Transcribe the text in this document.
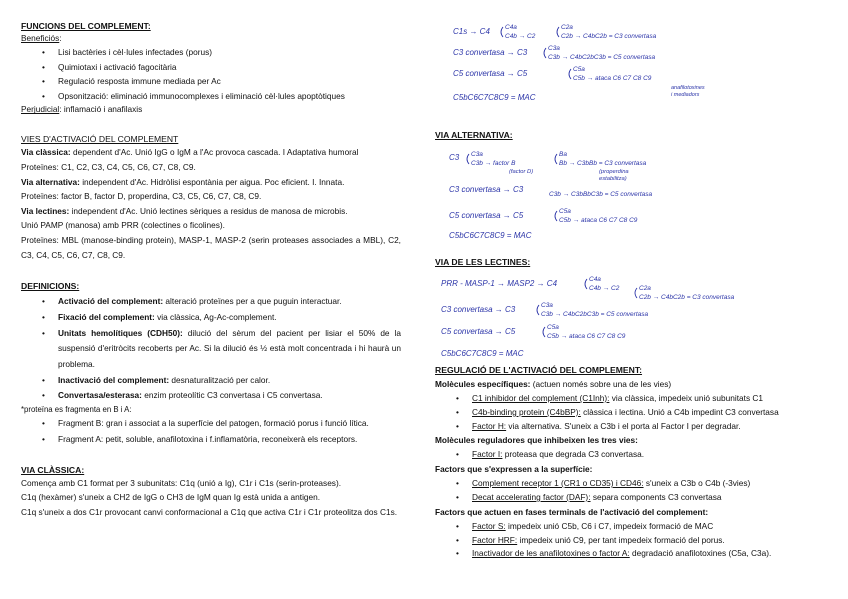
FUNCIONS DEL COMPLEMENT:

Beneficiós:

• Lisi bactèries i cèl·lules infectades (porus)
• Quimiotaxi i activació fagocitària
• Regulació resposta immune mediada per Ac
• Opsonització: eliminació immunocomplexes i eliminació cèl·lules apoptòtiques

Perjudicial: inflamació i anafilaxis

VIES D'ACTIVACIÓ DEL COMPLEMENT

Via clàssica: dependent d'Ac. Unió IgG o IgM a l'Ac provoca cascada. I Adaptativa humoral
Proteïnes: C1, C2, C3, C4, C5, C6, C7, C8, C9.
Via alternativa: independent d'Ac. Hidròlisi espontània per aigua. Poc eficient. I. Innata.
Proteïnes: factor B, factor D, properdina, C3, C5, C6, C7, C8, C9.
Via lectines: independent d'Ac. Unió lectines sèriques a residus de manosa de microbis.
Unió PAMP (manosa) amb PRR (colectines o ficolines).
Proteïnes: MBL (manose-binding protein), MASP-1, MASP-2 (serin proteases associades a MBL), C2, C3, C4, C5, C6, C7, C8, C9.

DEFINICIONS:

• Activació del complement: alteració proteïnes per a que puguin interactuar.
• Fixació del complement: via clàssica, Ag-Ac-complement.
• Unitats hemolítiques (CDH50): dilució del sèrum del pacient per lisiar el 50% de la suspensió d'eritròcits recoberts per Ac. Si la dilució és ½ està molt concentrada i hi haurà un problema.
• Inactivació del complement: desnaturalització per calor.
• Convertasa/esterasa: enzim proteolític C3 convertasa i C5 convertasa.

*proteïna es fragmenta en B i A:

• Fragment B: gran i associat a la superfície del patogen, formació porus i funció lítica.
• Fragment A: petit, soluble, anafilotoxina i f.inflamatòria, reconeixerà els receptors.

VIA CLÀSSICA:

Comença amb C1 format per 3 subunitats: C1q (unió a Ig), C1r i C1s (serin-proteases).
C1q (hexàmer) s'uneix a CH2 de IgG o CH3 de IgM quan Ig està unida a antigen.
C1q s'uneix a dos C1r provocant canvi conformacional a C1q que activa C1r i C1r proteolitza dos C1s.
C1s → C4 C4a
C4b → C2
C2a
C2b → C4bC2b = C3 convertasa
C3 convertasa → C3	C3a
C3b → C4bC2bC3b = C5 convertasa
C5 convertasa → C5	C5a
C5b → ataca C6 C7 C8 C9
anafilotoxines
i mediadors
C5bC6C7C8C9 = MAC

VIA ALTERNATIVA:

C3 C3a
C3b → factor B
(factor D)
Ba
Bb → C3bBb = C3 convertasa
(properdina
estabilitza)
C3 convertasa → C3
C3b → C3bBbC3b = C5 convertasa
C5 convertasa → C5	C5a
C5b → ataca C6 C7 C8 C9
C5bC6C7C8C9 = MAC

VIA DE LES LECTINES:

PRR - MASP-1 → MASP2 → C4	C4a
C4b → C2	C2a
C2b → C4bC2b = C3 convertasa
C3 convertasa → C3	C3a
C3b → C4bC2bC3b = C5 convertasa
C5 convertasa → C5	C5a
C5b → ataca C6 C7 C8 C9
C5bC6C7C8C9 = MAC

REGULACIÓ DE L'ACTIVACIÓ DEL COMPLEMENT:

Molècules específiques: (actuen només sobre una de les vies)

• C1 inhibidor del complement (C1Inh): via clàssica, impedeix unió subunitats C1
• C4b-binding protein (C4bBP): clàssica i lectina. Unió a C4b impedint C3 convertasa
• Factor H: via alternativa. S'uneix a C3b i el porta al Factor I per degradar.

Molècules reguladores que inhibeixen les tres vies:

• Factor I: proteasa que degrada C3 convertasa.

Factors que s'expressen a la superfície:

• Complement receptor 1 (CR1 o CD35) i CD46: s'uneix a C3b o C4b (-3vies)
• Decat accelerating factor (DAF): separa components C3 convertasa

Factors que actuen en fases terminals de l'activació del complement:

• Factor S: impedeix unió C5b, C6 i C7, impedeix formació de MAC
• Factor HRF: impedeix unió C9, per tant impedeix formació del porus.
• Inactivador de les anafilotoxines o factor A: degradació anafilotoxines (C5a, C3a).
